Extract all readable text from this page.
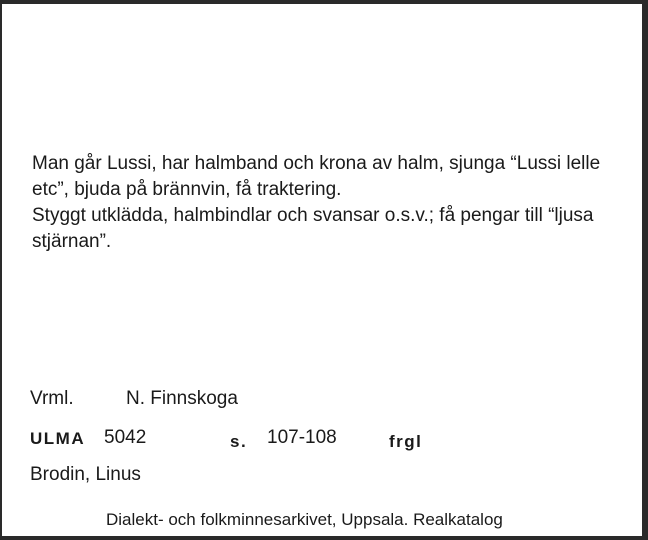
Man går Lussi, har halmband och krona av halm, sjunga “Lussi lelle etc”, bjuda på brännvin, få traktering.

Styggt utklädda, halmbindlar och svansar o.s.v.; få pengar till “ljusa stjärnan”.

Vrml.	N. Finnskoga
ULMA 5042	s. 107-108	frgl
Brodin, Linus
Dialekt- och folkminnesarkivet, Uppsala. Realkatalog
